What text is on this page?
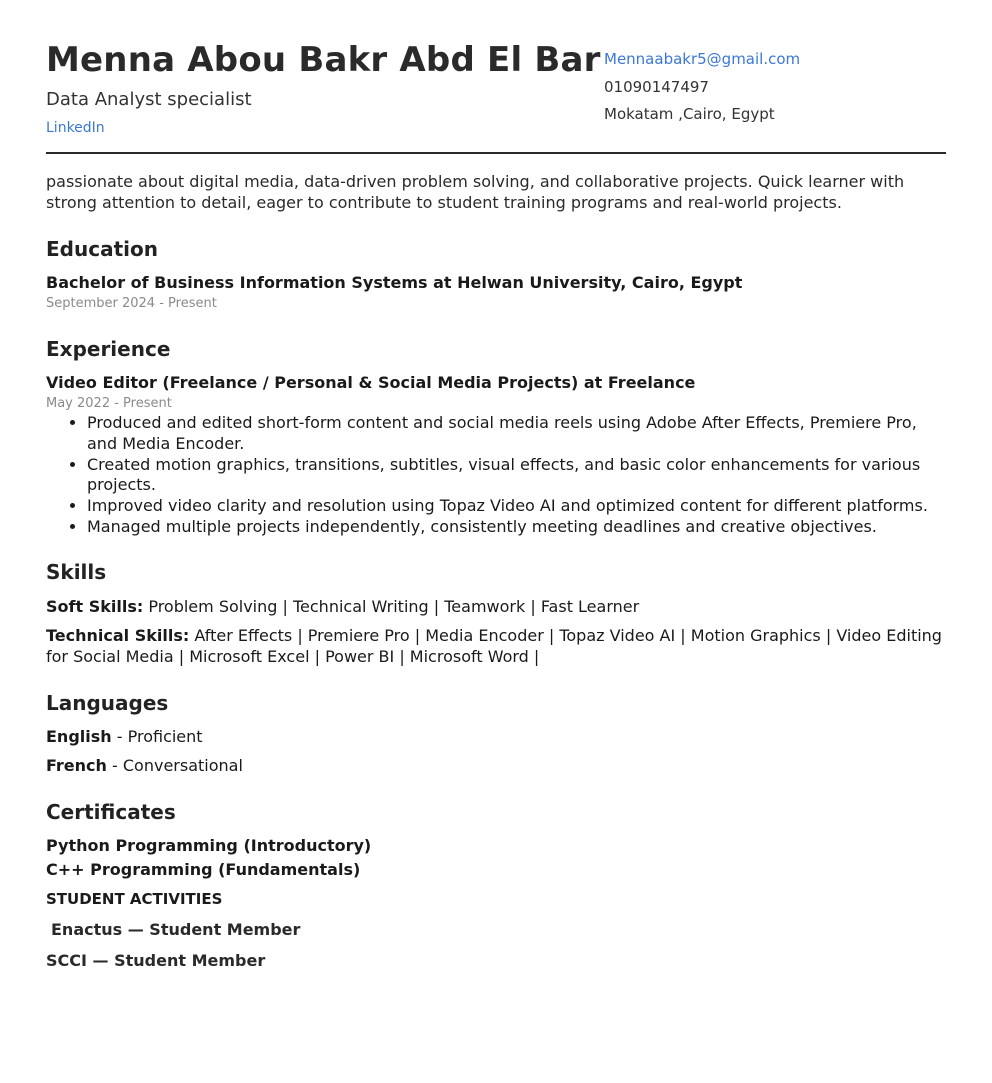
Menna Abou Bakr Abd El Bar
Data Analyst specialist
LinkedIn
Mennaabakr5@gmail.com
01090147497
Mokatam ,Cairo, Egypt
passionate about digital media, data-driven problem solving, and collaborative projects. Quick learner with strong attention to detail, eager to contribute to student training programs and real-world projects.
Education
Bachelor of Business Information Systems at Helwan University, Cairo, Egypt
September 2024 - Present
Experience
Video Editor (Freelance / Personal & Social Media Projects) at Freelance
May 2022 - Present
• Produced and edited short-form content and social media reels using Adobe After Effects, Premiere Pro, and Media Encoder.
• Created motion graphics, transitions, subtitles, visual effects, and basic color enhancements for various projects.
• Improved video clarity and resolution using Topaz Video AI and optimized content for different platforms.
• Managed multiple projects independently, consistently meeting deadlines and creative objectives.
Skills
Soft Skills: Problem Solving | Technical Writing | Teamwork | Fast Learner
Technical Skills: After Effects | Premiere Pro | Media Encoder | Topaz Video AI | Motion Graphics | Video Editing for Social Media | Microsoft Excel | Power BI | Microsoft Word |
Languages
English - Proficient
French - Conversational
Certificates
Python Programming (Introductory)
C++ Programming (Fundamentals)
STUDENT ACTIVITIES
Enactus — Student Member
SCCI — Student Member
